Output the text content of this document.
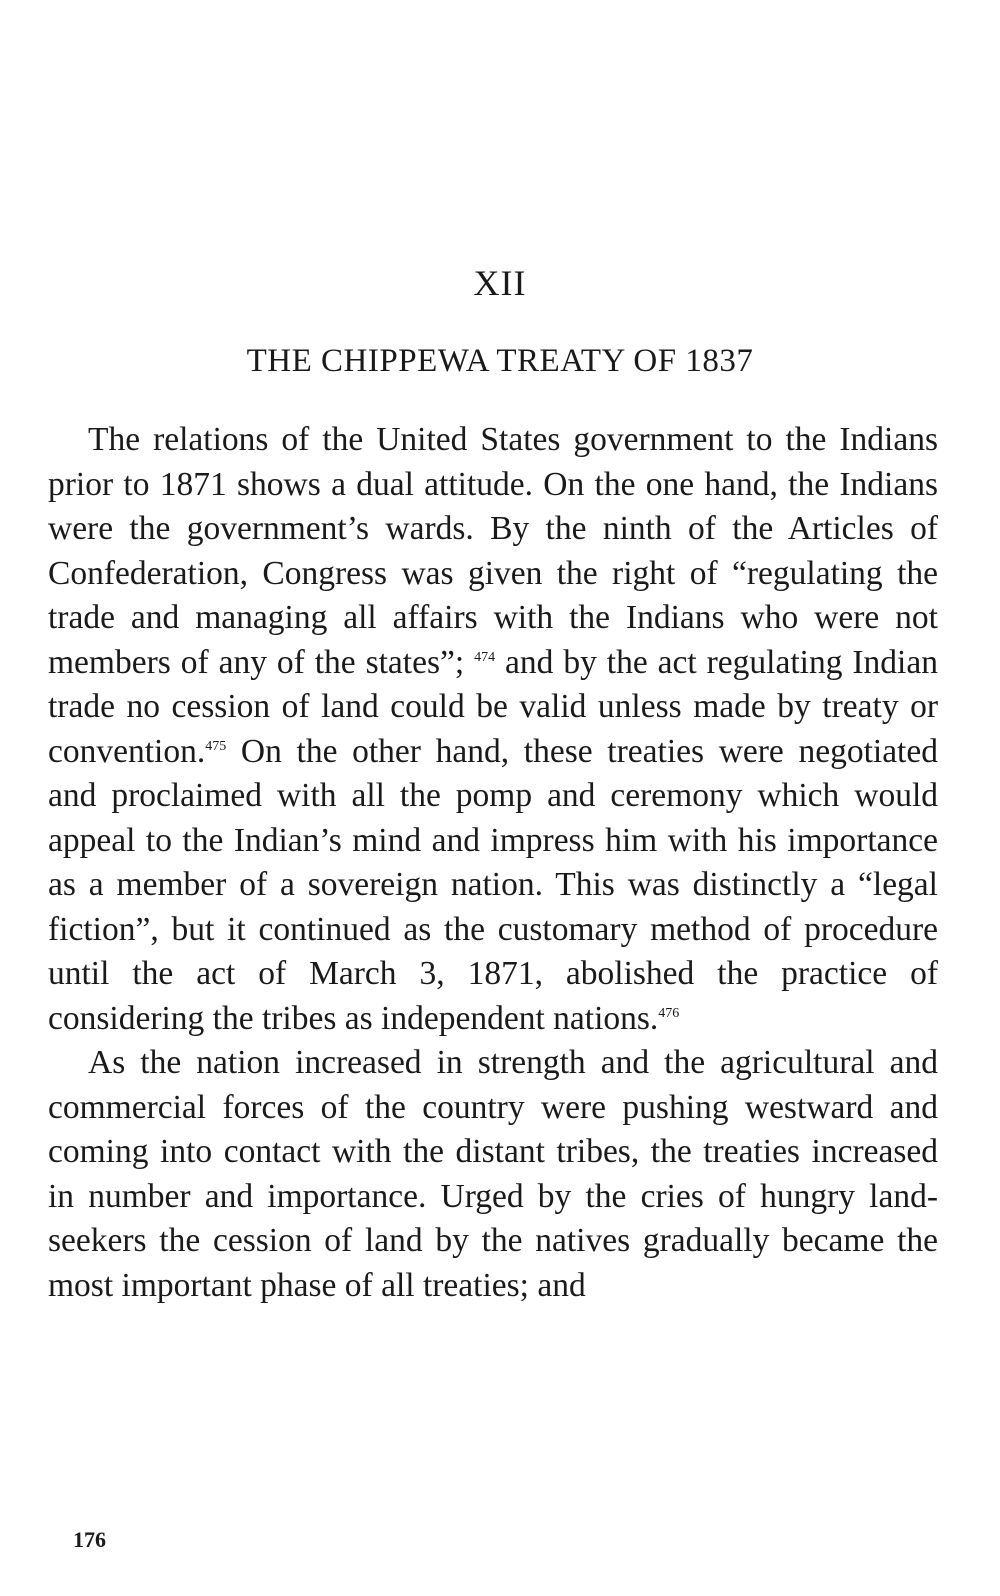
XII
THE CHIPPEWA TREATY OF 1837

The relations of the United States government to the Indians prior to 1871 shows a dual attitude. On the one hand, the Indians were the government’s wards. By the ninth of the Articles of Confederation, Congress was given the right of “regulating the trade and managing all affairs with the Indians who were not members of any of the states”; $^{474}$ and by the act regulating Indian trade no cession of land could be valid unless made by treaty or convention.$^{475}$ On the other hand, these treaties were negotiated and proclaimed with all the pomp and ceremony which would appeal to the Indian’s mind and impress him with his importance as a member of a sovereign nation. This was distinctly a “legal fiction”, but it continued as the customary method of procedure until the act of March 3, 1871, abolished the practice of considering the tribes as independent nations.$^{476}$

As the nation increased in strength and the agricultural and commercial forces of the country were pushing westward and coming into contact with the distant tribes, the treaties increased in number and importance. Urged by the cries of hungry land-seekers the cession of land by the natives gradually became the most important phase of all treaties; and

176
